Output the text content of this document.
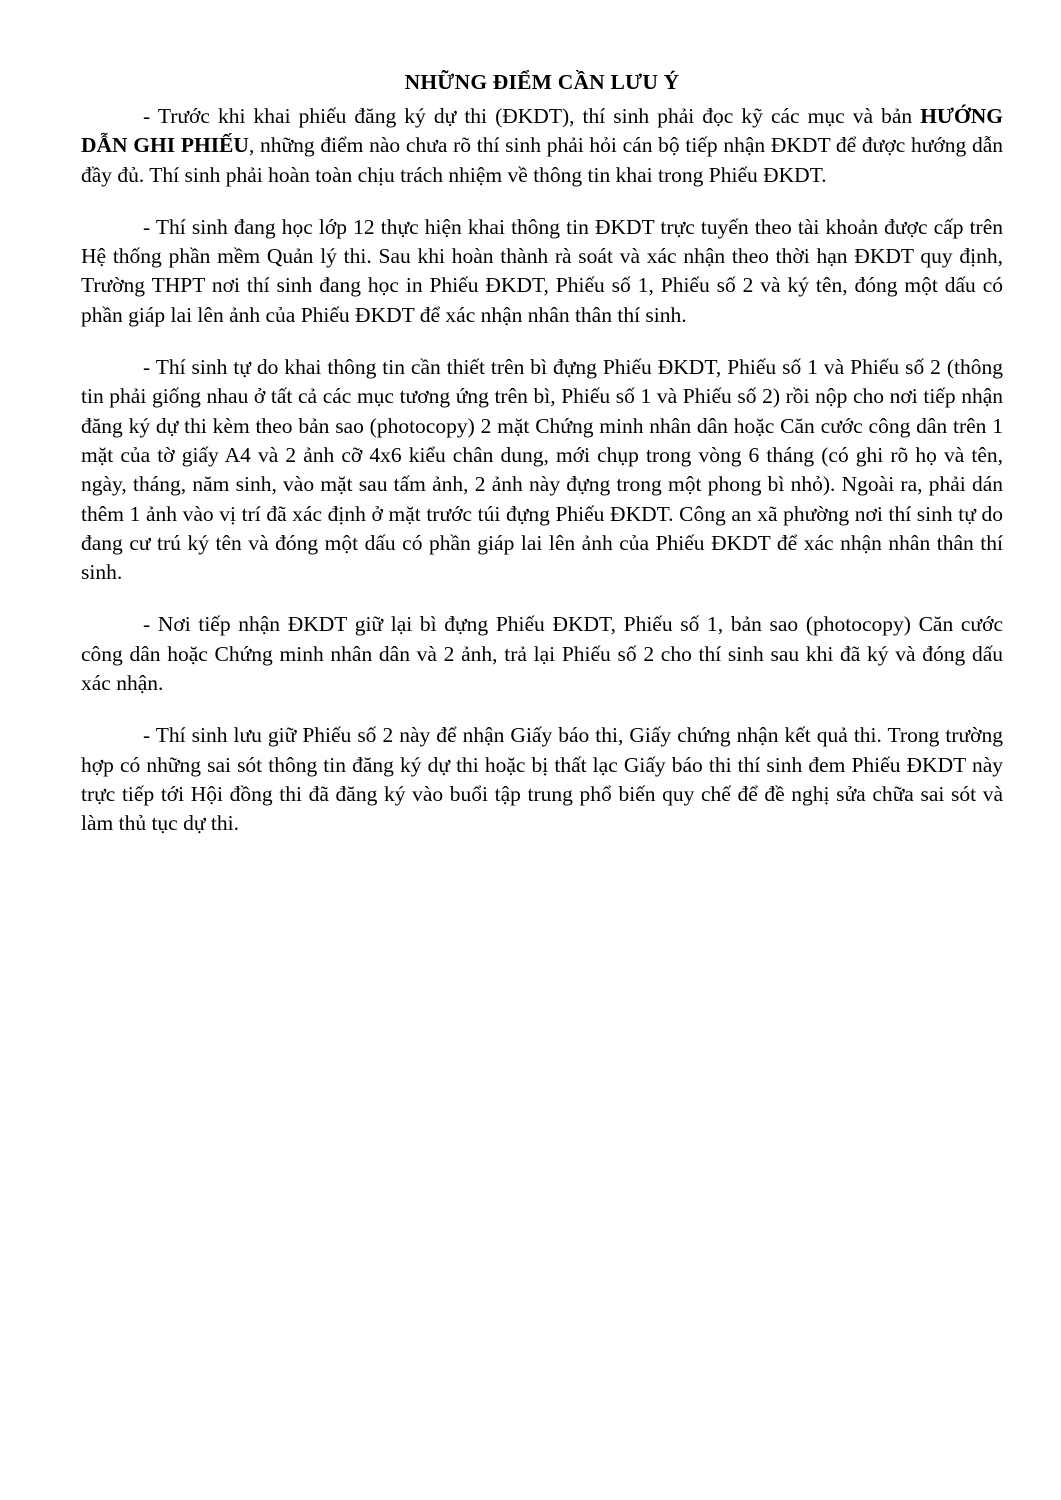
NHỮNG ĐIỂM CẦN LƯU Ý

- Trước khi khai phiếu đăng ký dự thi (ĐKDT), thí sinh phải đọc kỹ các mục và bản HƯỚNG DẪN GHI PHIẾU, những điểm nào chưa rõ thí sinh phải hỏi cán bộ tiếp nhận ĐKDT để được hướng dẫn đầy đủ. Thí sinh phải hoàn toàn chịu trách nhiệm về thông tin khai trong Phiếu ĐKDT.

- Thí sinh đang học lớp 12 thực hiện khai thông tin ĐKDT trực tuyến theo tài khoản được cấp trên Hệ thống phần mềm Quản lý thi. Sau khi hoàn thành rà soát và xác nhận theo thời hạn ĐKDT quy định, Trường THPT nơi thí sinh đang học in Phiếu ĐKDT, Phiếu số 1, Phiếu số 2 và ký tên, đóng một dấu có phần giáp lai lên ảnh của Phiếu ĐKDT để xác nhận nhân thân thí sinh.

- Thí sinh tự do khai thông tin cần thiết trên bì đựng Phiếu ĐKDT, Phiếu số 1 và Phiếu số 2 (thông tin phải giống nhau ở tất cả các mục tương ứng trên bì, Phiếu số 1 và Phiếu số 2) rồi nộp cho nơi tiếp nhận đăng ký dự thi kèm theo bản sao (photocopy) 2 mặt Chứng minh nhân dân hoặc Căn cước công dân trên 1 mặt của tờ giấy A4 và 2 ảnh cỡ 4x6 kiểu chân dung, mới chụp trong vòng 6 tháng (có ghi rõ họ và tên, ngày, tháng, năm sinh, vào mặt sau tấm ảnh, 2 ảnh này đựng trong một phong bì nhỏ). Ngoài ra, phải dán thêm 1 ảnh vào vị trí đã xác định ở mặt trước túi đựng Phiếu ĐKDT. Công an xã phường nơi thí sinh tự do đang cư trú ký tên và đóng một dấu có phần giáp lai lên ảnh của Phiếu ĐKDT để xác nhận nhân thân thí sinh.

- Nơi tiếp nhận ĐKDT giữ lại bì đựng Phiếu ĐKDT, Phiếu số 1, bản sao (photocopy) Căn cước công dân hoặc Chứng minh nhân dân và 2 ảnh, trả lại Phiếu số 2 cho thí sinh sau khi đã ký và đóng dấu xác nhận.

- Thí sinh lưu giữ Phiếu số 2 này để nhận Giấy báo thi, Giấy chứng nhận kết quả thi. Trong trường hợp có những sai sót thông tin đăng ký dự thi hoặc bị thất lạc Giấy báo thi thí sinh đem Phiếu ĐKDT này trực tiếp tới Hội đồng thi đã đăng ký vào buổi tập trung phổ biến quy chế để đề nghị sửa chữa sai sót và làm thủ tục dự thi.
